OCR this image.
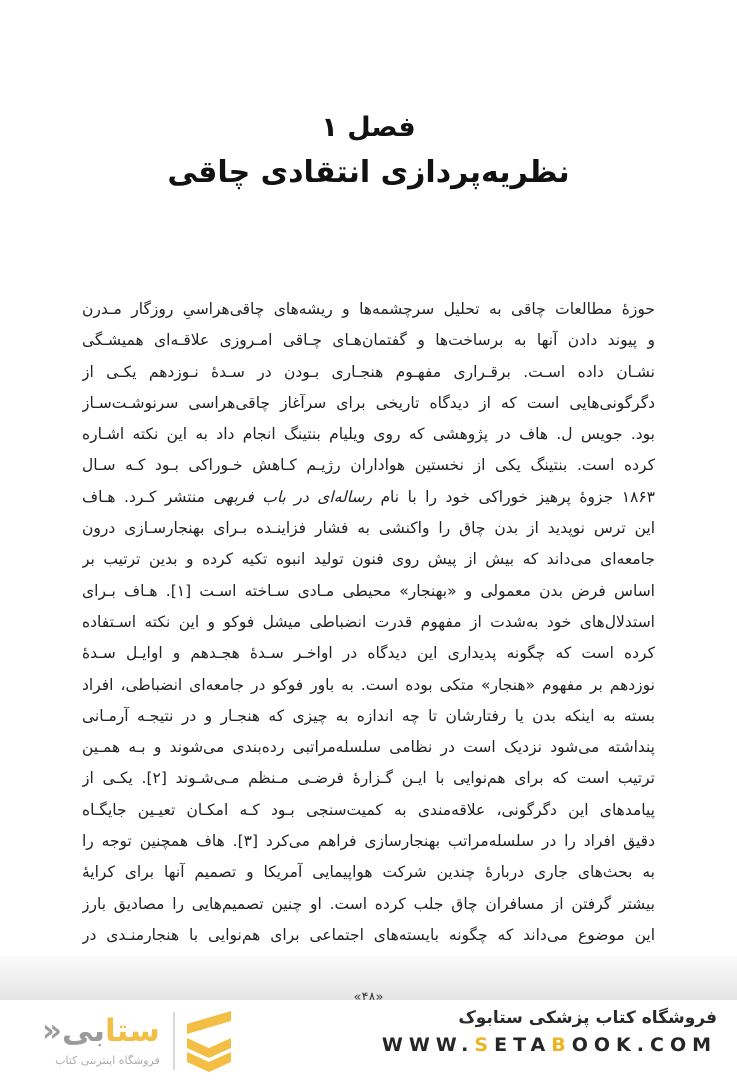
فصل ۱
نظریه‌پردازی انتقادی چاقی
حوزۀ مطالعات چاقی به تحلیل سرچشمه‌ها و ریشه‌های چاقی‌هراسیِ روزگار مـدرن
و پیوند دادن آنها به برساخت‌ها و گفتمان‌هـای چـاقی امـروزی علاقـه‌ای همیشـگی
نشـان داده اسـت. برقـراری مفهـوم هنجـاری بـودن در سـدۀ نـوزدهم یکـی از
دگرگونی‌هایی است که از دیدگاه تاریخی برای سرآغاز چاقی‌هراسی سرنوشـت‌سـاز
بود. جویس ل. هاف در پژوهشی که روی ویلیام بنتینگ انجام داد به این نکته اشـاره
کرده است. بنتینگ یکی از نخستین هواداران رژیـم کـاهش خـوراکی بـود کـه سـال
۱۸۶۳ جزوۀ پرهیز خوراکی خود را با نام رساله‌ای در باب فربهی منتشر کـرد. هـاف
این ترس نوپدید از بدن چاق را واکنشی به فشار فزاینـده بـرای بهنجارسـازی درون
جامعه‌ای می‌داند که بیش از پیش روی فنون تولید انبوه تکیه کرده و بدین ترتیب بر
اساس فرض بدن معمولی و «بهنجار» محیطی مـادی سـاخته اسـت [۱]. هـاف بـرای
استدلال‌های خود به‌شدت از مفهوم قدرت انضباطی میشل فوکو و این نکته اسـتفاده
کرده است که چگونه پدیداری این دیدگاه در اواخـر سـدۀ هجـدهم و اوایـل سـدۀ
نوزدهم بر مفهوم «هنجار» متکی بوده است. به باور فوکو در جامعه‌ای انضباطی، افراد
بسته به اینکه بدن یا رفتارشان تا چه اندازه به چیزی که هنجـار و در نتیجـه آرمـانی
پنداشته می‌شود نزدیک است در نظامی سلسله‌مراتبی رده‌بندی می‌شوند و بـه همـین
ترتیب است که برای هم‌نوایی با ایـن گـزارۀ فرضـی مـنظم مـی‌شـوند [۲]. یکـی از
پیامدهای این دگرگونی، علاقه‌مندی به کمیت‌سنجی بـود کـه امکـان تعیـین جایگـاه
دقیق افراد را در سلسله‌مراتب بهنجارسازی فراهم می‌کرد [۳]. هاف همچنین توجه را
به بحث‌های جاری دربارۀ چندین شرکت هواپیمایی آمریکا و تصمیم آنها برای کرایۀ
بیشتر گرفتن از مسافران چاق جلب کرده است. او چنین تصمیم‌هایی را مصادیق بارز
این موضوع می‌داند که چگونه بایسته‌های اجتماعی برای هم‌نوایی با هنجارمنـدی در
«۴۸»
ستابی«
فروشگاه اینترنتی کتاب
فروشگاه کتاب پزشکی ستابوک
WWW.SETABOOK.COM
